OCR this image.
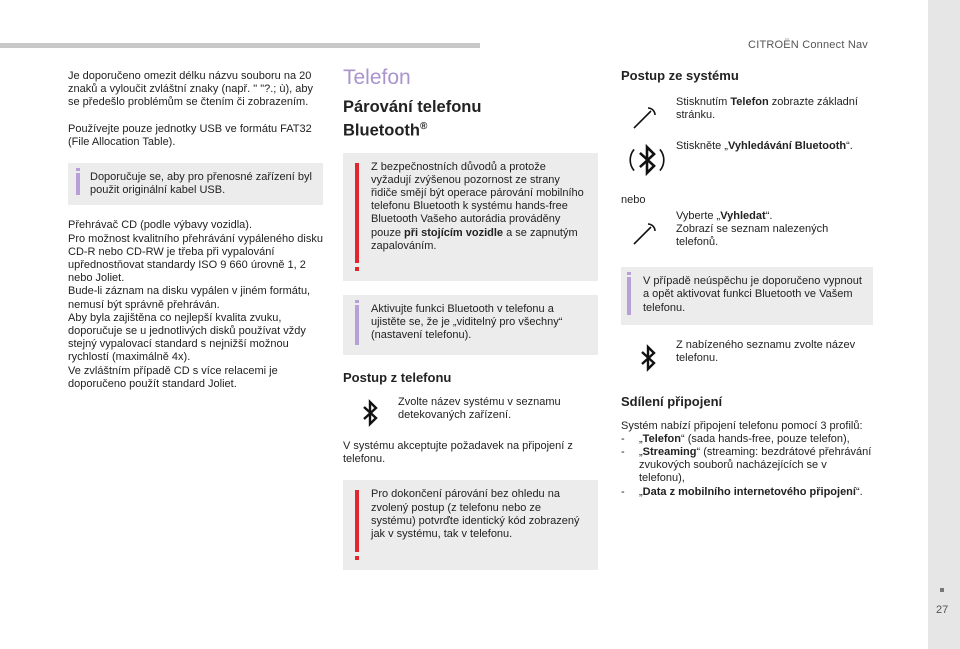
CITROËN Connect Nav
27

Je doporučeno omezit délku názvu souboru na 20 znaků a vyloučit zvláštní znaky (např. " "?.; ù), aby se předešlo problémům se čtením či zobrazením.

Používejte pouze jednotky USB ve formátu FAT32 (File Allocation Table).

Doporučuje se, aby pro přenosné zařízení byl použit originální kabel USB.

Přehrávač CD (podle výbavy vozidla).

Pro možnost kvalitního přehrávání vypáleného disku CD-R nebo CD-RW je třeba při vypalování upřednostňovat standardy ISO 9 660 úrovně 1, 2 nebo Joliet.

Bude-li záznam na disku vypálen v jiném formátu, nemusí být správně přehráván.

Aby byla zajištěna co nejlepší kvalita zvuku, doporučuje se u jednotlivých disků používat vždy stejný vypalovací standard s nejnižší možnou rychlostí (maximálně 4x).

Ve zvláštním případě CD s více relacemi je doporučeno použít standard Joliet.

Telefon
Párování telefonu Bluetooth®

Z bezpečnostních důvodů a protože vyžadují zvýšenou pozornost ze strany řidiče smějí být operace párování mobilního telefonu Bluetooth k systému hands-free Bluetooth Vašeho autorádia prováděny pouze při stojícím vozidle a se zapnutým zapalováním.

Aktivujte funkci Bluetooth v telefonu a ujistěte se, že je „viditelný pro všechny“ (nastavení telefonu).

Postup z telefonu

Zvolte název systému v seznamu detekovaných zařízení.

V systému akceptujte požadavek na připojení z telefonu.

Pro dokončení párování bez ohledu na zvolený postup (z telefonu nebo ze systému) potvrďte identický kód zobrazený jak v systému, tak v telefonu.

Postup ze systému

Stisknutím Telefon zobrazte základní stránku.

Stiskněte „Vyhledávání Bluetooth“.

nebo

Vyberte „Vyhledat“.

Zobrazí se seznam nalezených telefonů.

V případě neúspěchu je doporučeno vypnout a opět aktivovat funkci Bluetooth ve Vašem telefonu.

Z nabízeného seznamu zvolte název telefonu.

Sdílení připojení

Systém nabízí připojení telefonu pomocí 3 profilů:

-	„Telefon“ (sada hands-free, pouze telefon),
-	„Streaming“ (streaming: bezdrátové přehrávání zvukových souborů nacházejících se v telefonu),
-	„Data z mobilního internetového připojení“.
